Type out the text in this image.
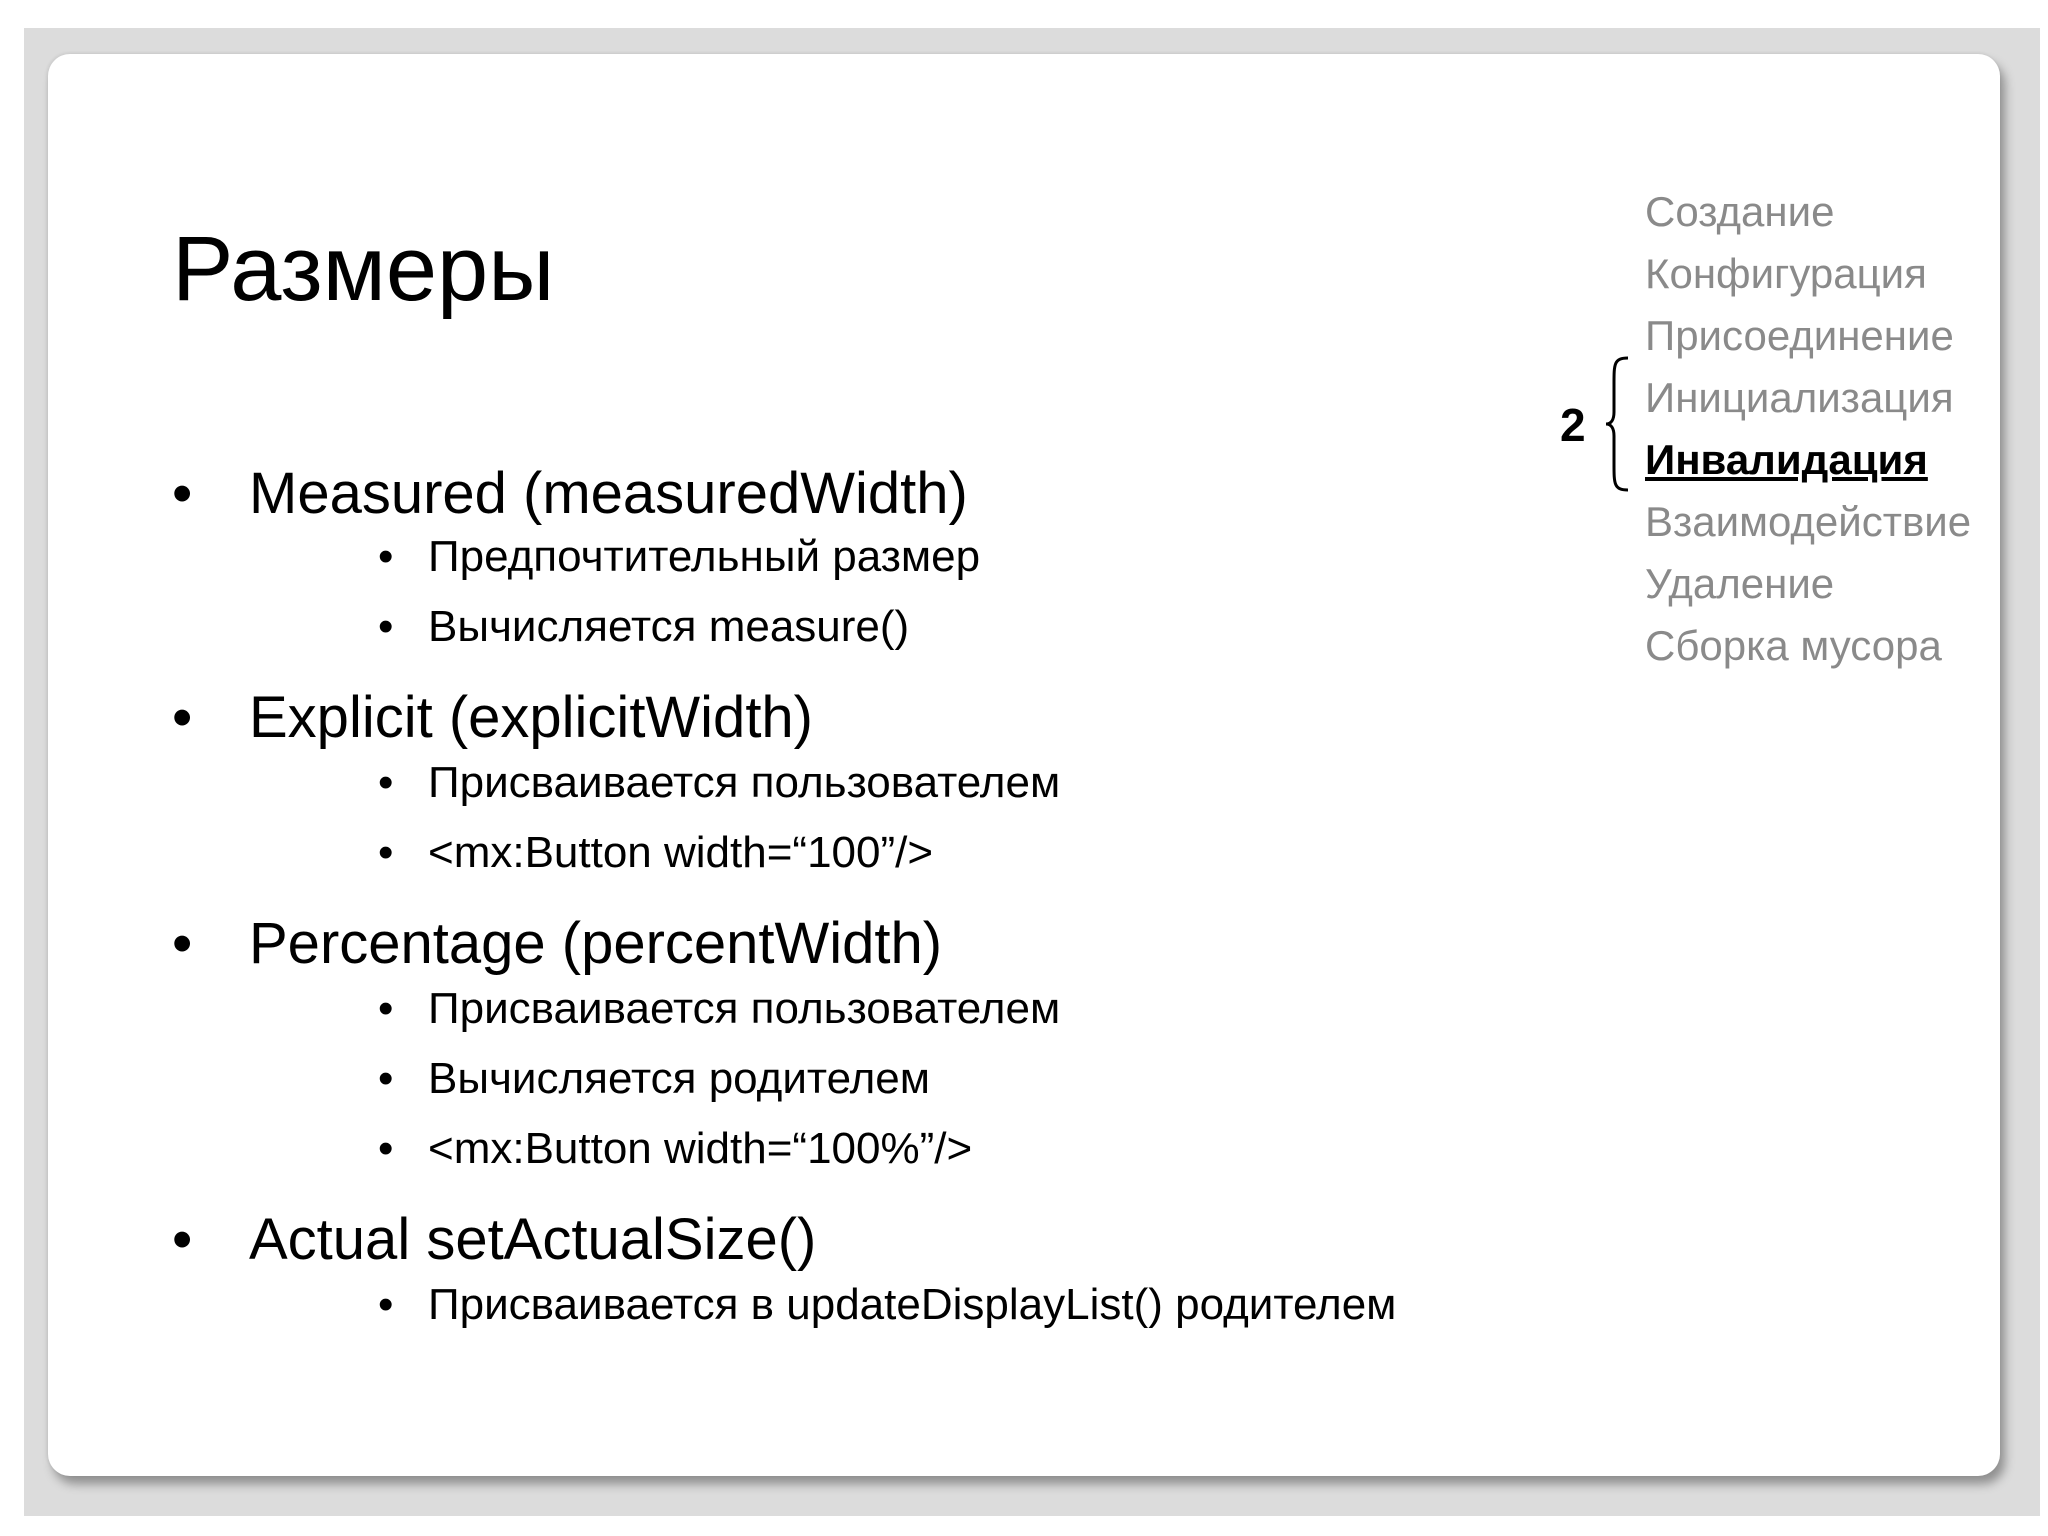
Размеры
Создание
Конфигурация
Присоединение
Инициализация
Инвалидация
Взаимодействие
Удаление
Сборка мусора
2
• Measured (measuredWidth)
• Предпочтительный размер
• Вычисляется measure()
• Explicit (explicitWidth)
• Присваивается пользователем
• <mx:Button width=“100”/>
• Percentage (percentWidth)
• Присваивается пользователем
• Вычисляется родителем
• <mx:Button width=“100%”/>
• Actual setActualSize()
• Присваивается в updateDisplayList() родителем
